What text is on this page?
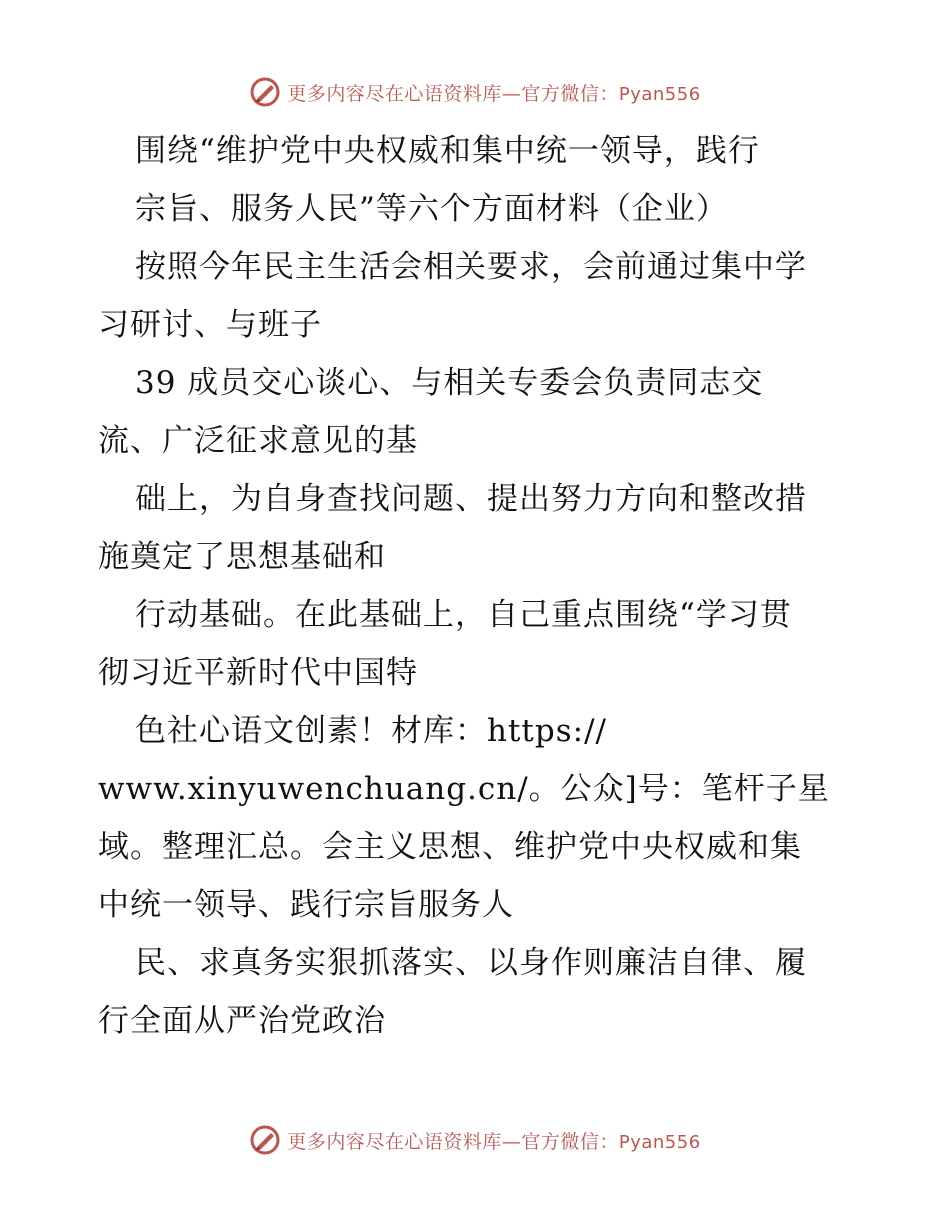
更多内容尽在心语资料库—官方微信：Pyan556
围绕“维护党中央权威和集中统一领导，践行
宗旨、服务人民”等六个方面材料（企业）
按照今年民主生活会相关要求，会前通过集中学
习研讨、与班子
39 成员交心谈心、与相关专委会负责同志交
流、广泛征求意见的基
础上，为自身查找问题、提出努力方向和整改措
施奠定了思想基础和
行动基础。在此基础上，自己重点围绕“学习贯
彻习近平新时代中国特
色社心语文创素！材库：https://
www.xinyuwenchuang.cn/。公众]号：笔杆子星
域。整理汇总。会主义思想、维护党中央权威和集
中统一领导、践行宗旨服务人
民、求真务实狠抓落实、以身作则廉洁自律、履
行全面从严治党政治
更多内容尽在心语资料库—官方微信：Pyan556
